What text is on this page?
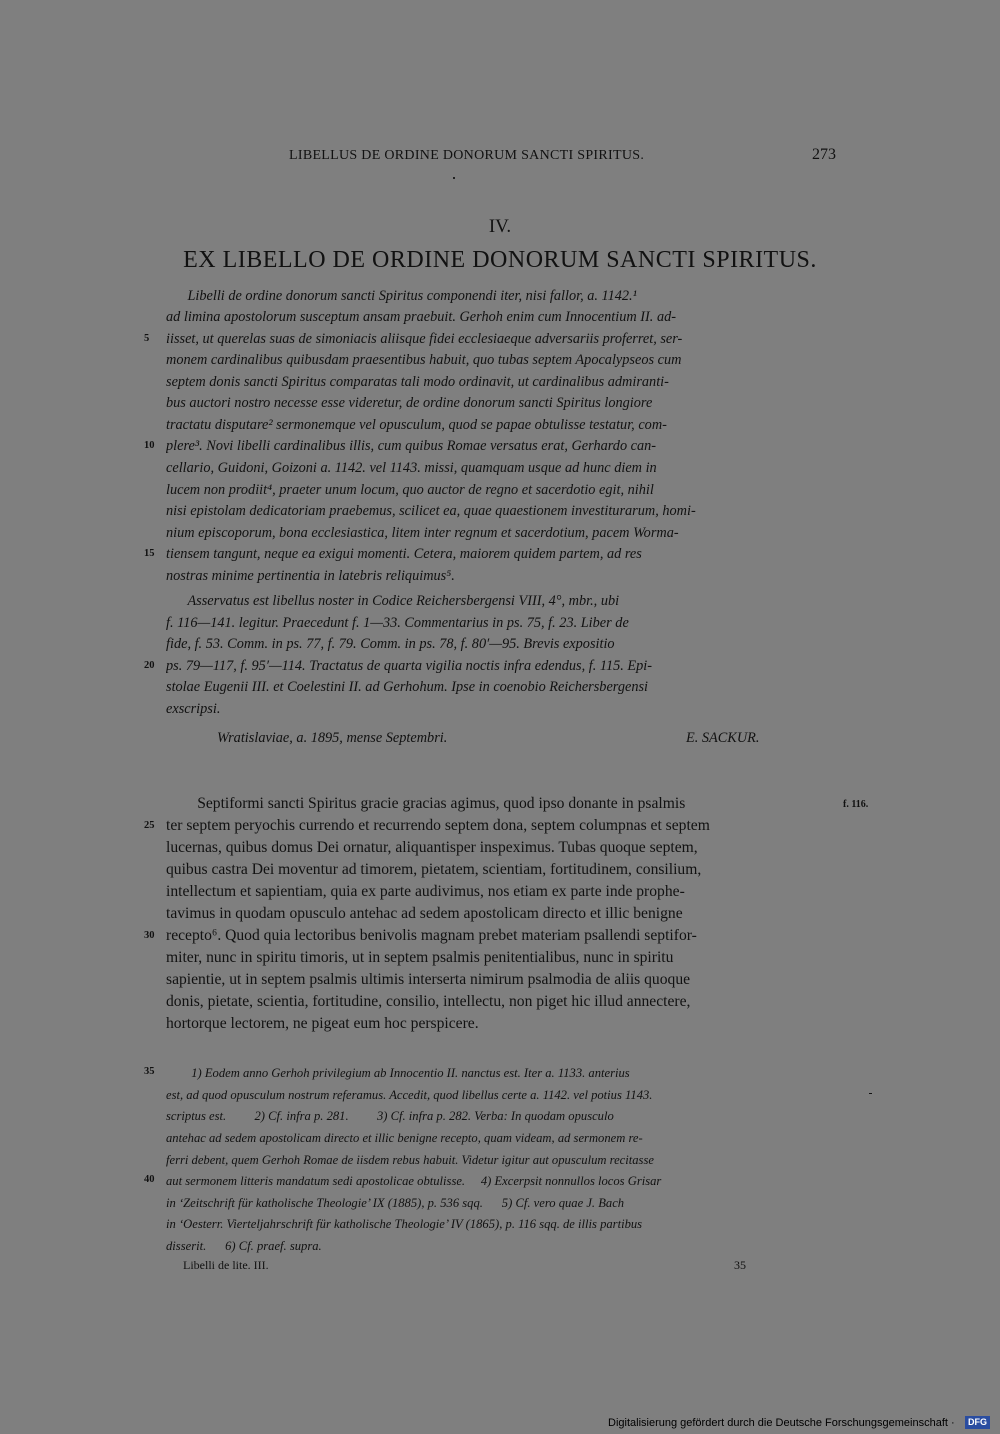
LIBELLUS DE ORDINE DONORUM SANCTI SPIRITUS.	273
IV.
EX LIBELLO DE ORDINE DONORUM SANCTI SPIRITUS.
Libelli de ordine donorum sancti Spiritus componendi iter, nisi fallor, a. 1142.¹
ad limina apostolorum susceptum ansam praebuit. Gerhoh enim cum Innocentium II. ad-
iisset, ut querelas suas de simoniacis aliisque fidei ecclesiaeque adversariis proferret, ser-
monem cardinalibus quibusdam praesentibus habuit, quo tubas septem Apocalypseos cum
septem donis sancti Spiritus comparatas tali modo ordinavit, ut cardinalibus admiranti-
bus auctori nostro necesse esse videretur, de ordine donorum sancti Spiritus longiore
tractatu disputare² sermonemque vel opusculum, quod se papae obtulisse testatur, com-
plere³. Novi libelli cardinalibus illis, cum quibus Romae versatus erat, Gerhardo can-
cellario, Guidoni, Goizoni a. 1142. vel 1143. missi, quamquam usque ad hunc diem in
lucem non prodiit⁴, praeter unum locum, quo auctor de regno et sacerdotio egit, nihil
nisi epistolam dedicatoriam praebemus, scilicet ea, quae quaestionem investiturarum, homi-
nium episcoporum, bona ecclesiastica, litem inter regnum et sacerdotium, pacem Worma-
tiensem tangunt, neque ea exigui momenti. Cetera, maiorem quidem partem, ad res
nostras minime pertinentia in latebris reliquimus⁵.
Asservatus est libellus noster in Codice Reichersbergensi VIII, 4°, mbr., ubi
f. 116—141. legitur. Praecedunt f. 1—33. Commentarius in ps. 75, f. 23. Liber de
fide, f. 53. Comm. in ps. 77, f. 79. Comm. in ps. 78, f. 80′—95. Brevis expositio
ps. 79—117, f. 95′—114. Tractatus de quarta vigilia noctis infra edendus, f. 115. Epi-
stolae Eugenii III. et Coelestini II. ad Gerhohum. Ipse in coenobio Reichersbergensi
exscripsi.
Wratislaviae, a. 1895, mense Septembri.	E. SACKUR.
Septiformi sancti Spiritus gracie gracias agimus, quod ipso donante in psalmis
ter septem peryochis currendo et recurrendo septem dona, septem columpnas et septem
lucernas, quibus domus Dei ornatur, aliquantisper inspeximus. Tubas quoque septem,
quibus castra Dei moventur ad timorem, pietatem, scientiam, fortitudinem, consilium,
intellectum et sapientiam, quia ex parte audivimus, nos etiam ex parte inde prophe-
tavimus in quodam opusculo antehac ad sedem apostolicam directo et illic benigne
recepto⁶. Quod quia lectoribus benivolis magnam prebet materiam psallendi septifor-
miter, nunc in spiritu timoris, ut in septem psalmis penitentialibus, nunc in spiritu
sapientie, ut in septem psalmis ultimis interserta nimirum psalmodia de aliis quoque
donis, pietate, scientia, fortitudine, consilio, intellectu, non piget hic illud annectere,
hortorque lectorem, ne pigeat eum hoc perspicere.
f. 116.
1) Eodem anno Gerhoh privilegium ab Innocentio II. nanctus est. Iter a. 1133. anterius
est, ad quod opusculum nostrum referamus. Accedit, quod libellus certe a. 1142. vel potius 1143.
scriptus est.         2) Cf. infra p. 281.         3) Cf. infra p. 282. Verba: In quodam opusculo
antehac ad sedem apostolicam directo et illic benigne recepto, quam videam, ad sermonem re-
ferri debent, quem Gerhoh Romae de iisdem rebus habuit. Videtur igitur aut opusculum recitasse
aut sermonem litteris mandatum sedi apostolicae obtulisse.     4) Excerpsit nonnullos locos Grisar
in ‘Zeitschrift für katholische Theologie’ IX (1885), p. 536 sqq.      5) Cf. vero quae J. Bach
in ‘Oesterr. Vierteljahrschrift für katholische Theologie’ IV (1865), p. 116 sqq. de illis partibus
disserit.      6) Cf. praef. supra.
5
10
15
20
25
30
35
40
Libelli de lite. III.	35
Digitalisierung gefördert durch die Deutsche Forschungsgemeinschaft ·	DFG
